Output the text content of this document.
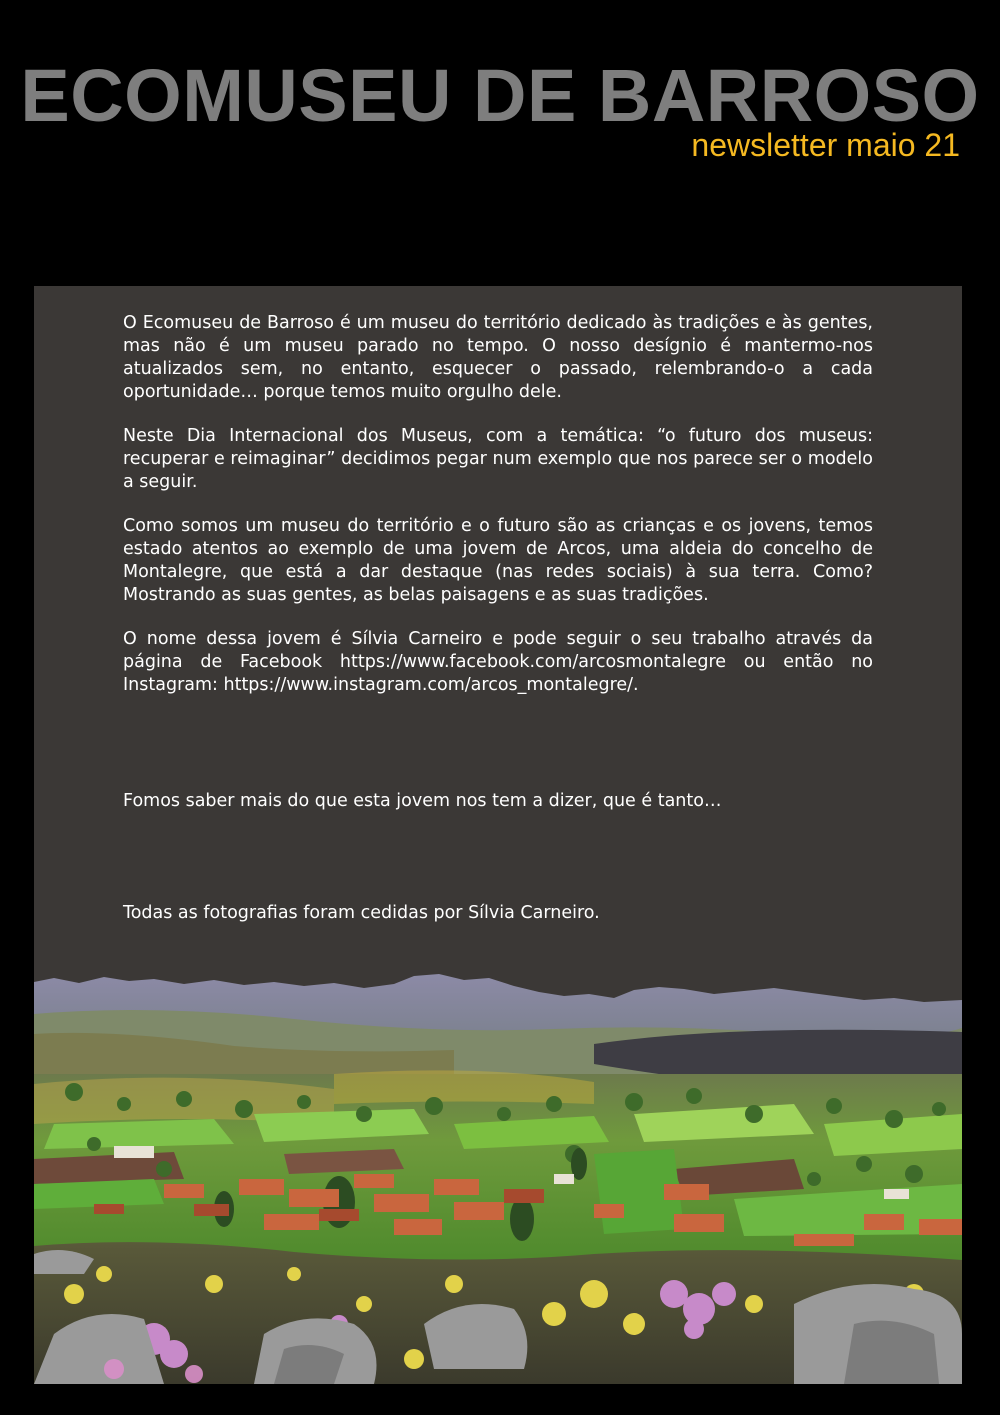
ECOMUSEU DE BARROSO
newsletter maio 21

O Ecomuseu de Barroso é um museu do território dedicado às tradições e às gentes, mas não é um museu parado no tempo. O nosso desígnio é mantermo-nos atualizados sem, no entanto, esquecer o passado, relembrando-o a cada oportunidade… porque temos muito orgulho dele.

Neste Dia Internacional dos Museus, com a temática: “o futuro dos museus: recuperar e reimaginar” decidimos pegar num exemplo que nos parece ser o modelo a seguir.

Como somos um museu do território e o futuro são as crianças e os jovens, temos estado atentos ao exemplo de uma jovem de Arcos, uma aldeia do concelho de Montalegre, que está a dar destaque (nas redes sociais) à sua terra. Como? Mostrando as suas gentes, as belas paisagens e as suas tradições.

O nome dessa jovem é Sílvia Carneiro e pode seguir o seu trabalho através da página de Facebook https://www.facebook.com/arcosmontalegre ou então no Instagram: https://www.instagram.com/arcos_montalegre/.

Fomos saber mais do que esta jovem nos tem a dizer, que é tanto…
Todas as fotografias foram cedidas por Sílvia Carneiro.
